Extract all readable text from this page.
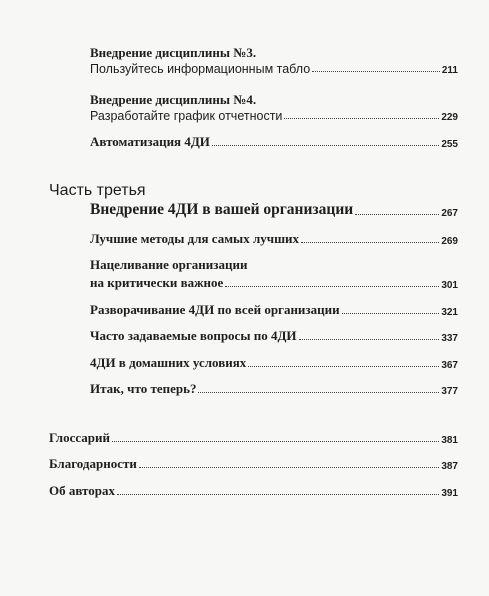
Внедрение дисциплины №3.
Пользуйтесь информационным табло	211
Внедрение дисциплины №4.
Разработайте график отчетности	229
Автоматизация 4ДИ	255
Часть третья
Внедрение 4ДИ в вашей организации	267
Лучшие методы для самых лучших	269
Нацеливание организации
на критически важное	301
Разворачивание 4ДИ по всей организации	321
Часто задаваемые вопросы по 4ДИ	337
4ДИ в домашних условиях	367
Итак, что теперь?	377
Глоссарий	381
Благодарности	387
Об авторах	391
